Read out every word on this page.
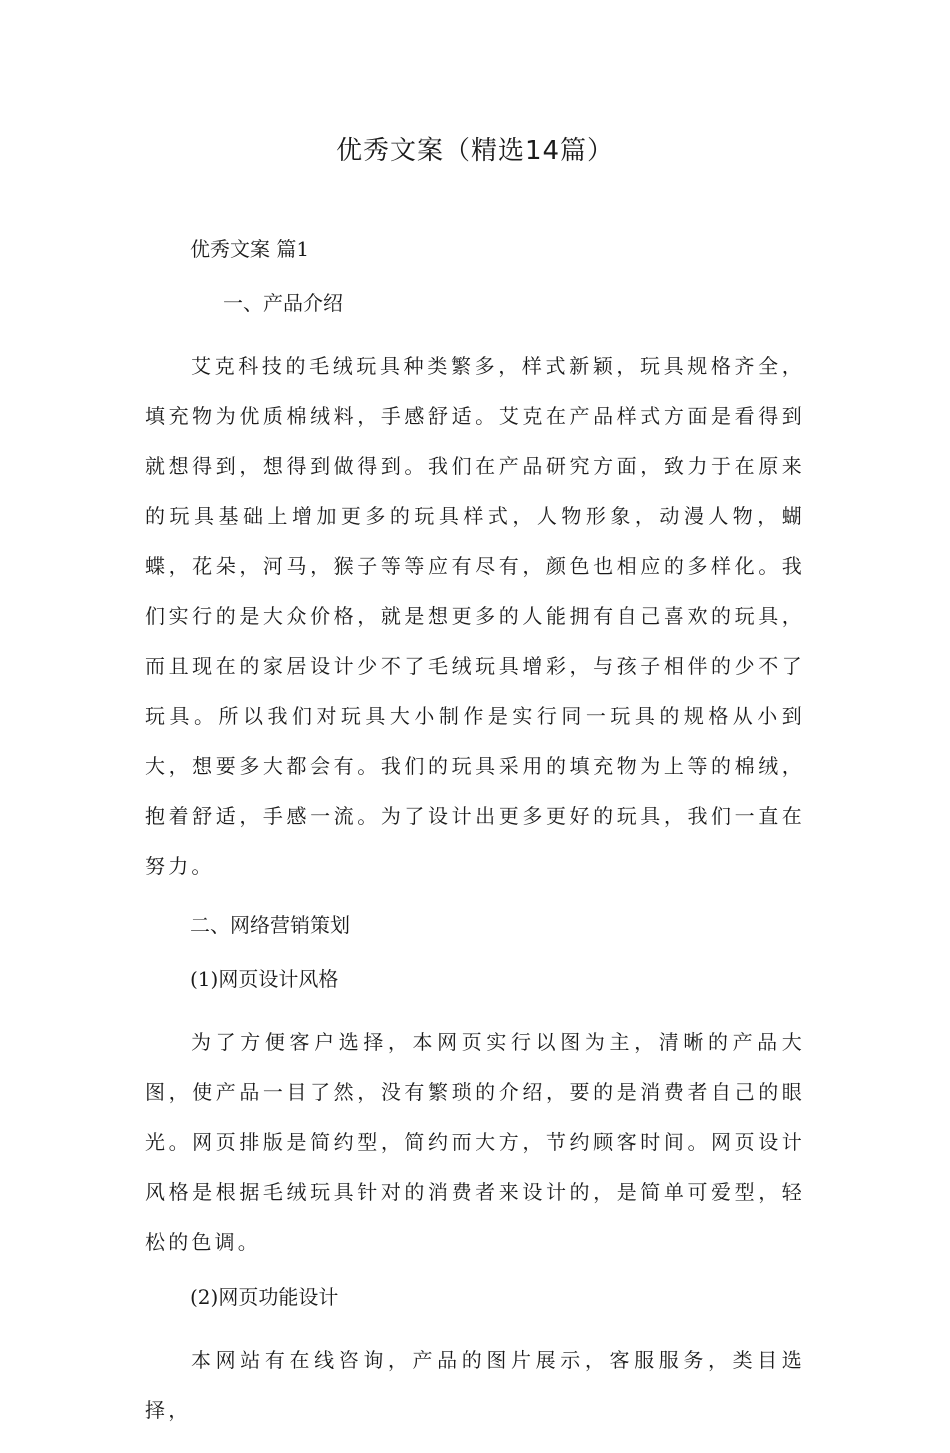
优秀文案（精选14篇）

优秀文案 篇1

一、产品介绍

艾克科技的毛绒玩具种类繁多，样式新颖，玩具规格齐全，填充物为优质棉绒料，手感舒适。艾克在产品样式方面是看得到就想得到，想得到做得到。我们在产品研究方面，致力于在原来的玩具基础上增加更多的玩具样式，人物形象，动漫人物，蝴蝶，花朵，河马，猴子等等应有尽有，颜色也相应的多样化。我们实行的是大众价格，就是想更多的人能拥有自己喜欢的玩具，而且现在的家居设计少不了毛绒玩具增彩，与孩子相伴的少不了玩具。所以我们对玩具大小制作是实行同一玩具的规格从小到大，想要多大都会有。我们的玩具采用的填充物为上等的棉绒，抱着舒适，手感一流。为了设计出更多更好的玩具，我们一直在努力。

二、网络营销策划

(1)网页设计风格

为了方便客户选择，本网页实行以图为主，清晰的产品大图，使产品一目了然，没有繁琐的介绍，要的是消费者自己的眼光。网页排版是简约型，简约而大方，节约顾客时间。网页设计风格是根据毛绒玩具针对的消费者来设计的，是简单可爱型，轻松的色调。

(2)网页功能设计

本网站有在线咨询，产品的图片展示，客服服务，类目选择，
